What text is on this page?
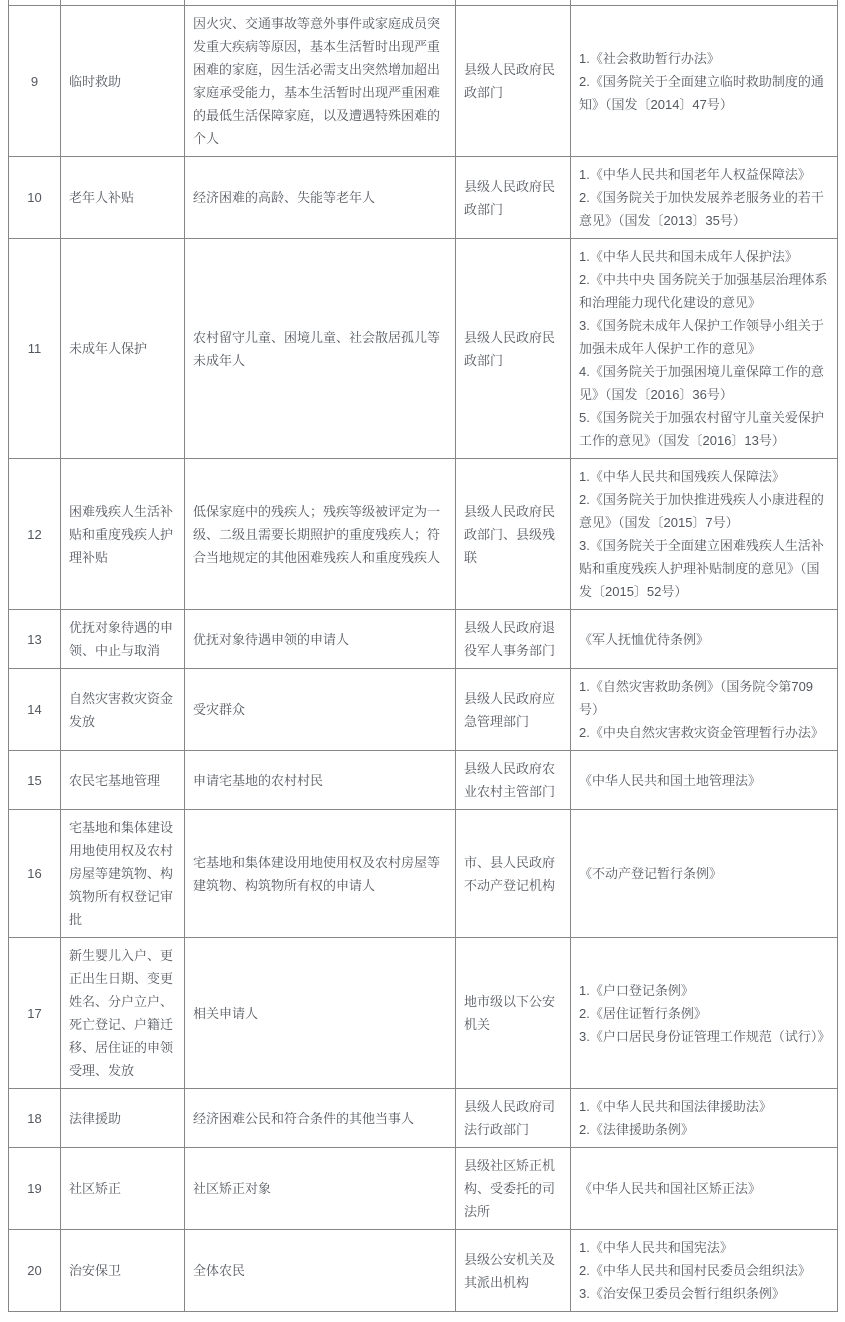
9	临时救助	因火灾、交通事故等意外事件或家庭成员突发重大疾病等原因，基本生活暂时出现严重困难的家庭，因生活必需支出突然增加超出家庭承受能力，基本生活暂时出现严重困难的最低生活保障家庭，以及遭遇特殊困难的个人	县级人民政府民政部门	1.《社会救助暂行办法》
2.《国务院关于全面建立临时救助制度的通知》（国发〔2014〕47号）

10	老年人补贴	经济困难的高龄、失能等老年人	县级人民政府民政部门	1.《中华人民共和国老年人权益保障法》
2.《国务院关于加快发展养老服务业的若干意见》（国发〔2013〕35号）

11	未成年人保护	农村留守儿童、困境儿童、社会散居孤儿等未成年人	县级人民政府民政部门	1.《中华人民共和国未成年人保护法》
2.《中共中央 国务院关于加强基层治理体系和治理能力现代化建设的意见》
3.《国务院未成年人保护工作领导小组关于加强未成年人保护工作的意见》
4.《国务院关于加强困境儿童保障工作的意见》（国发〔2016〕36号）
5.《国务院关于加强农村留守儿童关爱保护工作的意见》（国发〔2016〕13号）

12	困难残疾人生活补贴和重度残疾人护理补贴	低保家庭中的残疾人；残疾等级被评定为一级、二级且需要长期照护的重度残疾人；符合当地规定的其他困难残疾人和重度残疾人	县级人民政府民政部门、县级残联	1.《中华人民共和国残疾人保障法》
2.《国务院关于加快推进残疾人小康进程的意见》（国发〔2015〕7号）
3.《国务院关于全面建立困难残疾人生活补贴和重度残疾人护理补贴制度的意见》（国发〔2015〕52号）

13	优抚对象待遇的申领、中止与取消	优抚对象待遇申领的申请人	县级人民政府退役军人事务部门	《军人抚恤优待条例》

14	自然灾害救灾资金发放	受灾群众	县级人民政府应急管理部门	1.《自然灾害救助条例》（国务院令第709号）
2.《中央自然灾害救灾资金管理暂行办法》

15	农民宅基地管理	申请宅基地的农村村民	县级人民政府农业农村主管部门	《中华人民共和国土地管理法》

16	宅基地和集体建设用地使用权及农村房屋等建筑物、构筑物所有权登记审批	宅基地和集体建设用地使用权及农村房屋等建筑物、构筑物所有权的申请人	市、县人民政府不动产登记机构	《不动产登记暂行条例》

17	新生婴儿入户、更正出生日期、变更姓名、分户立户、死亡登记、户籍迁移、居住证的申领受理、发放	相关申请人	地市级以下公安机关	1.《户口登记条例》
2.《居住证暂行条例》
3.《户口居民身份证管理工作规范（试行）》

18	法律援助	经济困难公民和符合条件的其他当事人	县级人民政府司法行政部门	1.《中华人民共和国法律援助法》
2.《法律援助条例》

19	社区矫正	社区矫正对象	县级社区矫正机构、受委托的司法所	《中华人民共和国社区矫正法》

20	治安保卫	全体农民	县级公安机关及其派出机构	1.《中华人民共和国宪法》
2.《中华人民共和国村民委员会组织法》
3.《治安保卫委员会暂行组织条例》
